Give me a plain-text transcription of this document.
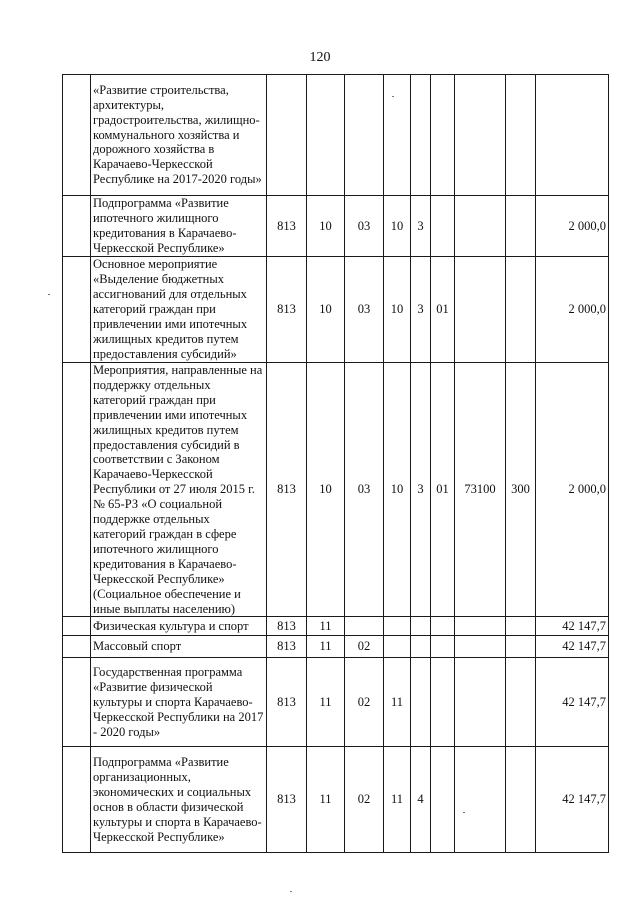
120
	«Развитие строительства, архитектуры, градостроительства, жилищно-коммунального хозяйства и дорожного хозяйства в Карачаево-Черкесской Республике на 2017-2020 годы»									
	Подпрограмма «Развитие ипотечного жилищного кредитования в Карачаево-Черкесской Республике»	813	10	03	10	3				2 000,0
	Основное мероприятие «Выделение бюджетных ассигнований для отдельных категорий граждан при привлечении ими ипотечных жилищных кредитов путем предоставления субсидий»	813	10	03	10	3	01			2 000,0
	Мероприятия, направленные на поддержку отдельных категорий граждан при привлечении ими ипотечных жилищных кредитов путем предоставления субсидий в соответствии с Законом Карачаево-Черкесской Республики от 27 июля 2015 г. № 65-РЗ «О социальной поддержке отдельных категорий граждан в сфере ипотечного жилищного кредитования в Карачаево-Черкесской Республике» (Социальное обеспечение и иные выплаты населению)	813	10	03	10	3	01	73100	300	2 000,0
	Физическая культура и спорт	813	11							42 147,7
	Массовый спорт	813	11	02						42 147,7
	Государственная программа «Развитие физической культуры и спорта Карачаево-Черкесской Республики на 2017 - 2020 годы»	813	11	02	11					42 147,7
	Подпрограмма «Развитие организационных, экономических и социальных основ в области физической культуры и спорта в Карачаево-Черкесской Республике»	813	11	02	11	4				42 147,7
